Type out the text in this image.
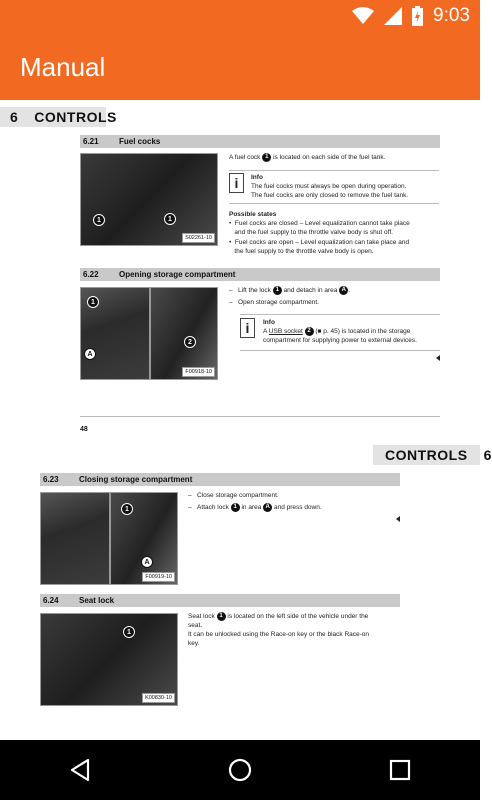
9:03
Manual
6 CONTROLS
6.21	Fuel cocks
1	1
S02261-10
A fuel cock 1 is located on each side of the fuel tank.
i Info
The fuel cocks must always be open during operation.
The fuel cocks are only closed to remove the fuel tank.
Possible states
• Fuel cocks are closed – Level equalization cannot take place
and the fuel supply to the throttle valve body is shut off.
• Fuel cocks are open – Level equalization can take place and
the fuel supply to the throttle valve body is open.
6.22	Opening storage compartment
1
A
2
F00918-10
– Lift the lock 1 and detach in area A .
– Open storage compartment.
i Info
A USB socket 2 (■ p. 45) is located in the storage
compartment for supplying power to external devices.
48
CONTROLS 6
6.23	Closing storage compartment
1
A
F00919-10
– Close storage compartment.
– Attach lock 1 in area A and press down.
6.24	Seat lock
1
K00830-10
Seat lock 1 is located on the left side of the vehicle under the
seat.
It can be unlocked using the Race-on key or the black Race-on
key.
